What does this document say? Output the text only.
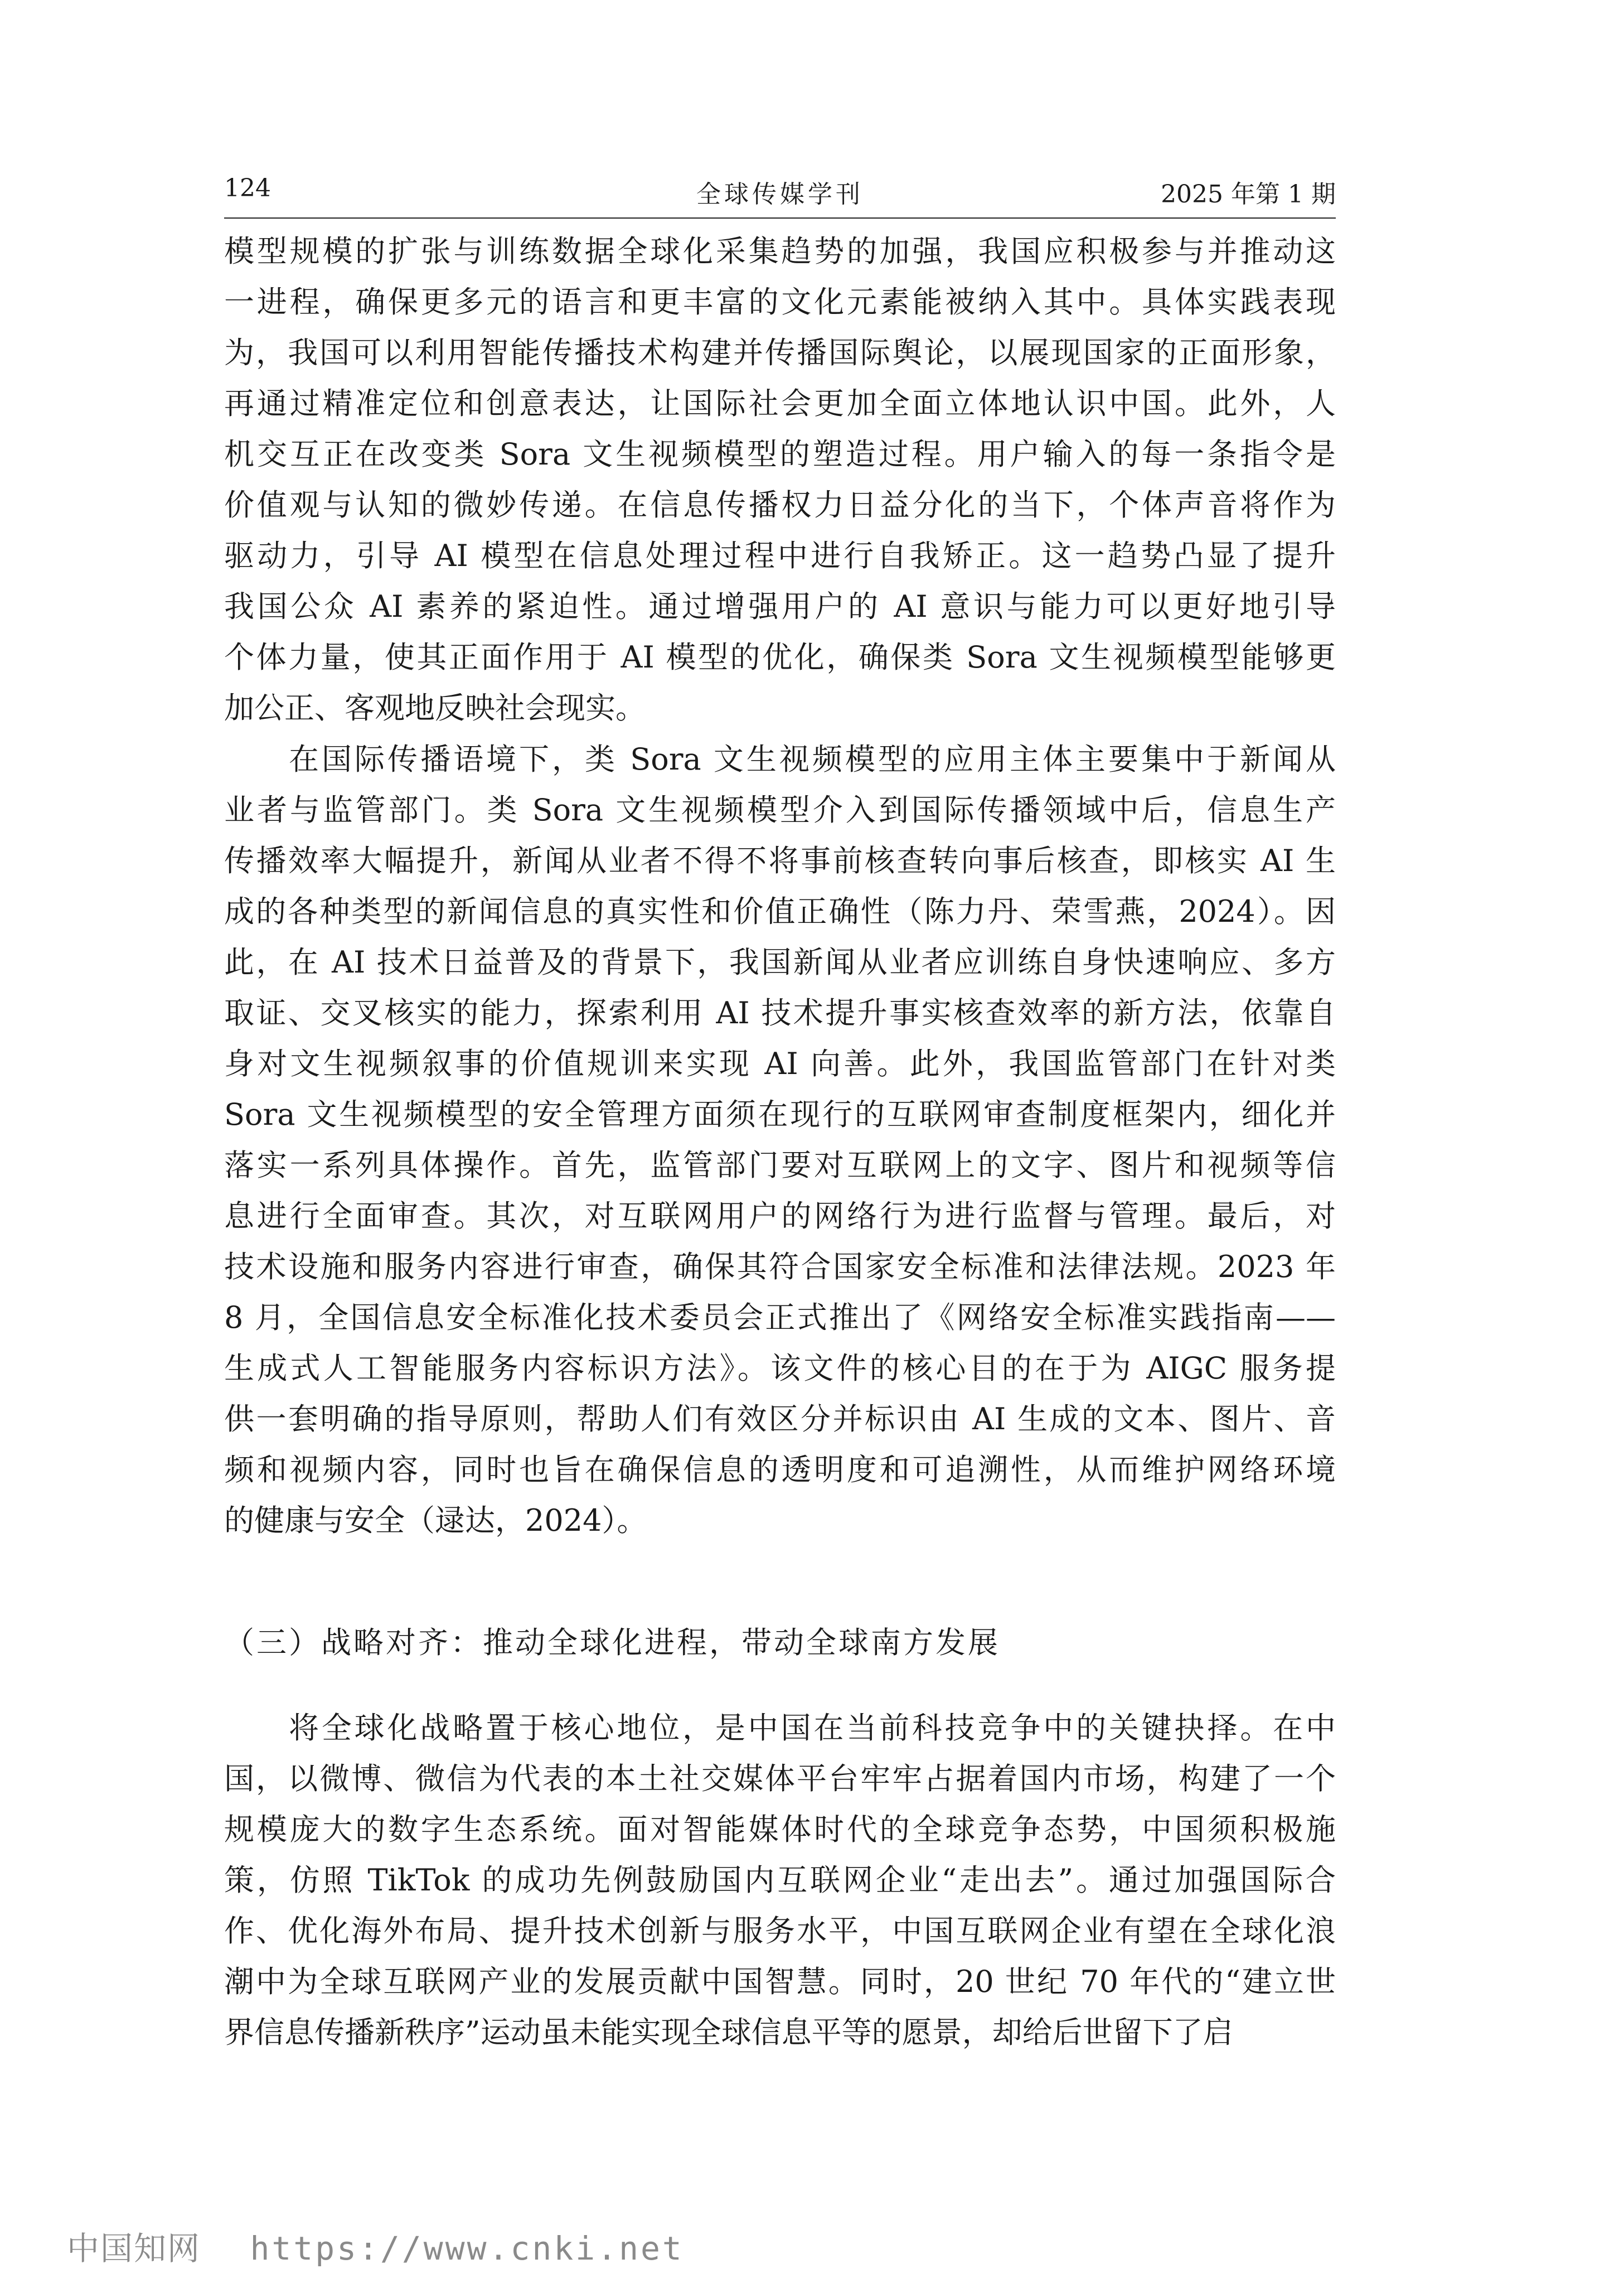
124	全球传媒学刊	2025 年第 1 期
模型规模的扩张与训练数据全球化采集趋势的加强，我国应积极参与并推动这
一进程，确保更多元的语言和更丰富的文化元素能被纳入其中。具体实践表现
为，我国可以利用智能传播技术构建并传播国际舆论，以展现国家的正面形象，
再通过精准定位和创意表达，让国际社会更加全面立体地认识中国。此外，人
机交互正在改变类 Sora 文生视频模型的塑造过程。用户输入的每一条指令是
价值观与认知的微妙传递。在信息传播权力日益分化的当下，个体声音将作为
驱动力，引导 AI 模型在信息处理过程中进行自我矫正。这一趋势凸显了提升
我国公众 AI 素养的紧迫性。通过增强用户的 AI 意识与能力可以更好地引导
个体力量，使其正面作用于 AI 模型的优化，确保类 Sora 文生视频模型能够更
加公正、客观地反映社会现实。
在国际传播语境下，类 Sora 文生视频模型的应用主体主要集中于新闻从
业者与监管部门。类 Sora 文生视频模型介入到国际传播领域中后，信息生产
传播效率大幅提升，新闻从业者不得不将事前核查转向事后核查，即核实 AI 生
成的各种类型的新闻信息的真实性和价值正确性（陈力丹、荣雪燕，2024）。因
此，在 AI 技术日益普及的背景下，我国新闻从业者应训练自身快速响应、多方
取证、交叉核实的能力，探索利用 AI 技术提升事实核查效率的新方法，依靠自
身对文生视频叙事的价值规训来实现 AI 向善。此外，我国监管部门在针对类
Sora 文生视频模型的安全管理方面须在现行的互联网审查制度框架内，细化并
落实一系列具体操作。首先，监管部门要对互联网上的文字、图片和视频等信
息进行全面审查。其次，对互联网用户的网络行为进行监督与管理。最后，对
技术设施和服务内容进行审查，确保其符合国家安全标准和法律法规。2023 年
8 月，全国信息安全标准化技术委员会正式推出了《网络安全标准实践指南——
生成式人工智能服务内容标识方法》。该文件的核心目的在于为 AIGC 服务提
供一套明确的指导原则，帮助人们有效区分并标识由 AI 生成的文本、图片、音
频和视频内容，同时也旨在确保信息的透明度和可追溯性，从而维护网络环境
的健康与安全（逯达，2024）。
（三）战略对齐：推动全球化进程，带动全球南方发展
将全球化战略置于核心地位，是中国在当前科技竞争中的关键抉择。在中
国，以微博、微信为代表的本土社交媒体平台牢牢占据着国内市场，构建了一个
规模庞大的数字生态系统。面对智能媒体时代的全球竞争态势，中国须积极施
策，仿照 TikTok 的成功先例鼓励国内互联网企业“走出去”。通过加强国际合
作、优化海外布局、提升技术创新与服务水平，中国互联网企业有望在全球化浪
潮中为全球互联网产业的发展贡献中国智慧。同时，20 世纪 70 年代的“建立世
界信息传播新秩序”运动虽未能实现全球信息平等的愿景，却给后世留下了启
中国知网 https://www.cnki.net
